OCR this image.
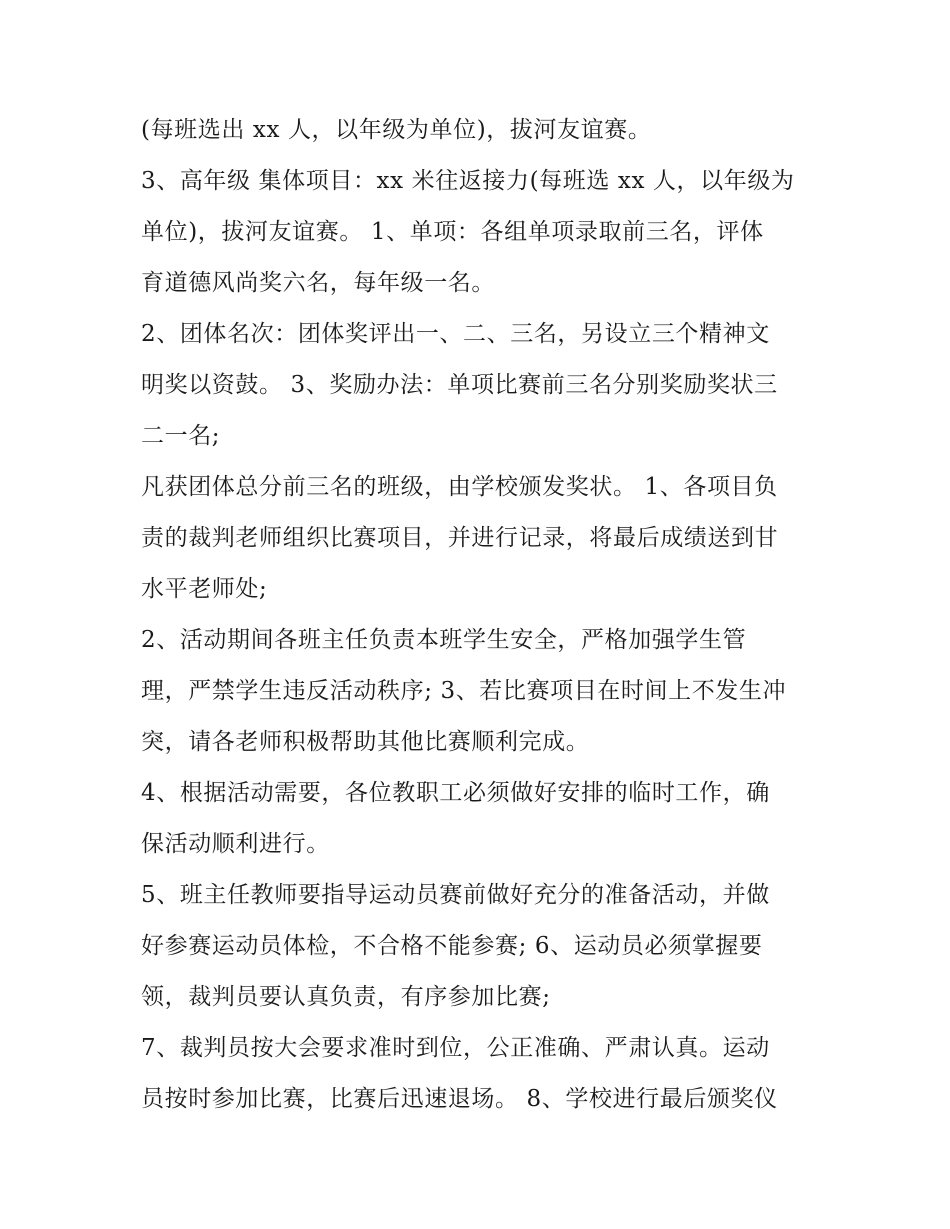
(每班选出 xx 人，以年级为单位)，拔河友谊赛。
3、高年级 集体项目：xx 米往返接力(每班选 xx 人，以年级为
单位)，拔河友谊赛。 1、单项：各组单项录取前三名，评体
育道德风尚奖六名，每年级一名。
2、团体名次：团体奖评出一、二、三名，另设立三个精神文
明奖以资鼓。 3、奖励办法：单项比赛前三名分别奖励奖状三
二一名;
凡获团体总分前三名的班级，由学校颁发奖状。 1、各项目负
责的裁判老师组织比赛项目，并进行记录，将最后成绩送到甘
水平老师处;
2、活动期间各班主任负责本班学生安全，严格加强学生管
理，严禁学生违反活动秩序; 3、若比赛项目在时间上不发生冲
突，请各老师积极帮助其他比赛顺利完成。
4、根据活动需要，各位教职工必须做好安排的临时工作，确
保活动顺利进行。
5、班主任教师要指导运动员赛前做好充分的准备活动，并做
好参赛运动员体检，不合格不能参赛; 6、运动员必须掌握要
领，裁判员要认真负责，有序参加比赛;
7、裁判员按大会要求准时到位，公正准确、严肃认真。运动
员按时参加比赛，比赛后迅速退场。 8、学校进行最后颁奖仪
